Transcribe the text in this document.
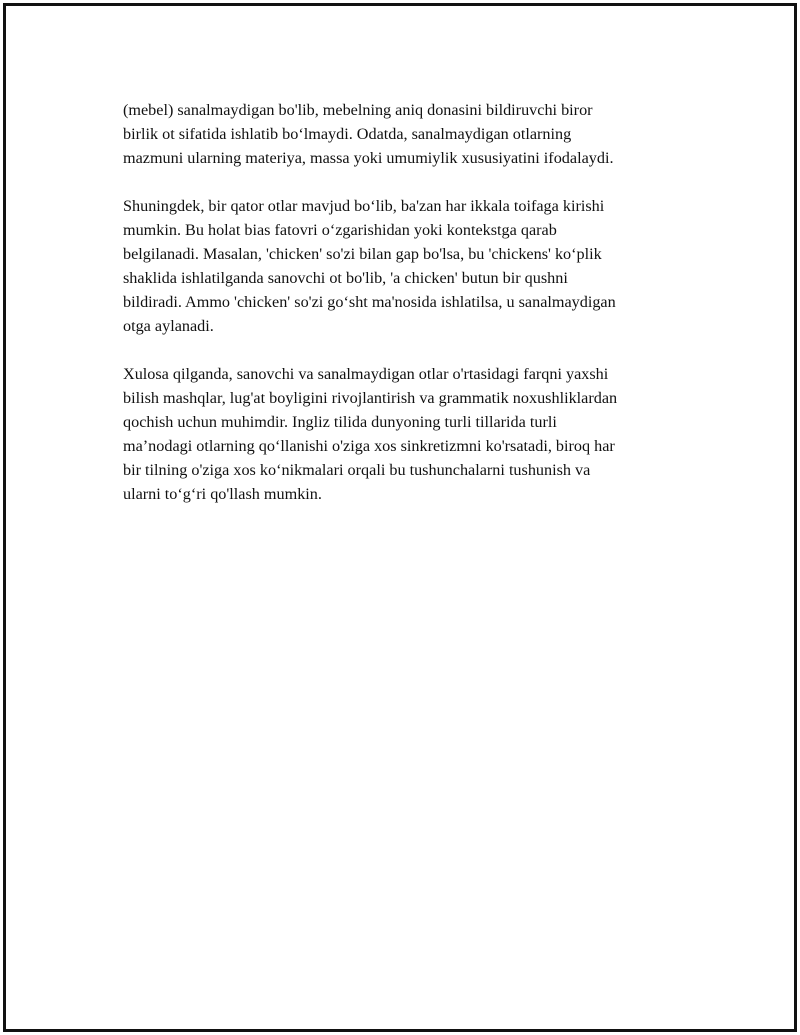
(mebel) sanalmaydigan bo'lib, mebelning aniq donasini bildiruvchi biror
birlik ot sifatida ishlatib bo‘lmaydi. Odatda, sanalmaydigan otlarning
mazmuni ularning materiya, massa yoki umumiylik xususiyatini ifodalaydi.

Shuningdek, bir qator otlar mavjud bo‘lib, ba'zan har ikkala toifaga kirishi
mumkin. Bu holat bias fatovri o‘zgarishidan yoki kontekstga qarab
belgilanadi. Masalan, 'chicken' so'zi bilan gap bo'lsa, bu 'chickens' ko‘plik
shaklida ishlatilganda sanovchi ot bo'lib, 'a chicken' butun bir qushni
bildiradi. Ammo 'chicken' so'zi go‘sht ma'nosida ishlatilsa, u sanalmaydigan
otga aylanadi.

Xulosa qilganda, sanovchi va sanalmaydigan otlar o'rtasidagi farqni yaxshi
bilish mashqlar, lug'at boyligini rivojlantirish va grammatik noxushliklardan
qochish uchun muhimdir. Ingliz tilida dunyoning turli tillarida turli
ma’nodagi otlarning qo‘llanishi o'ziga xos sinkretizmni ko'rsatadi, biroq har
bir tilning o'ziga xos ko‘nikmalari orqali bu tushunchalarni tushunish va
ularni to‘g‘ri qo'llash mumkin.
